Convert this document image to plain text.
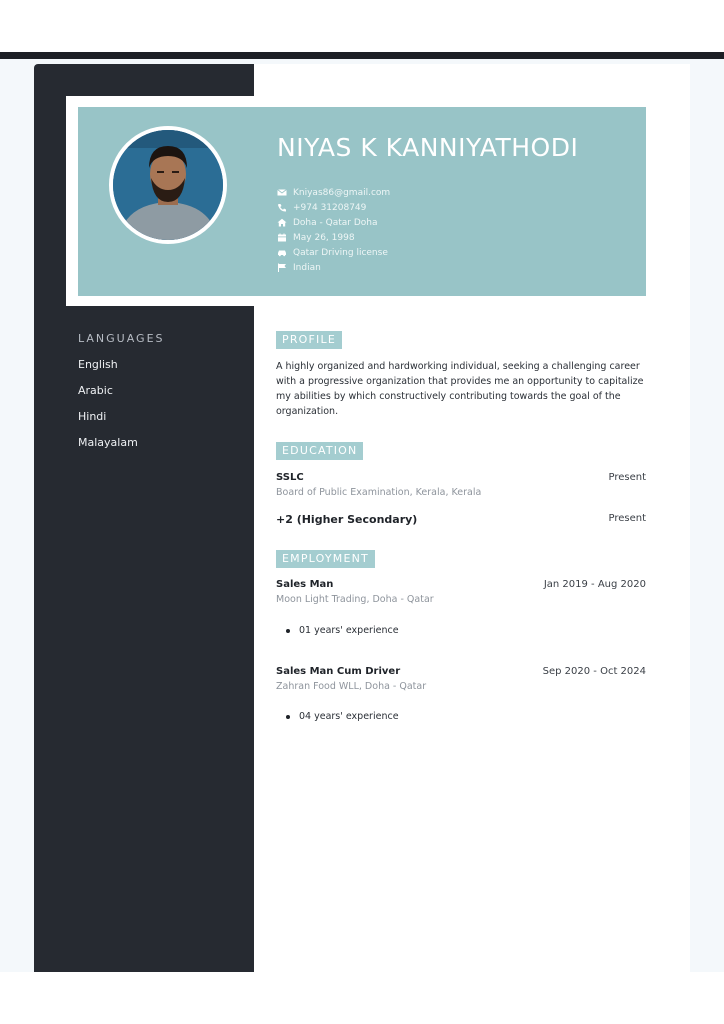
NIYAS K KANNIYATHODI
Kniyas86@gmail.com
+974 31208749
Doha - Qatar Doha
May 26, 1998
Qatar Driving license
Indian
LANGUAGES
English
Arabic
Hindi
Malayalam
PROFILE

A highly organized and hardworking individual, seeking a challenging career with a progressive organization that provides me an opportunity to capitalize my abilities by which constructively contributing towards the goal of the organization.

EDUCATION
SSLC	Present
Board of Public Examination, Kerala, Kerala
+2 (Higher Secondary)	Present
EMPLOYMENT
Sales Man	Jan 2019 - Aug 2020
Moon Light Trading, Doha - Qatar
01 years' experience
Sales Man Cum Driver	Sep 2020 - Oct 2024
Zahran Food WLL, Doha - Qatar
04 years' experience
